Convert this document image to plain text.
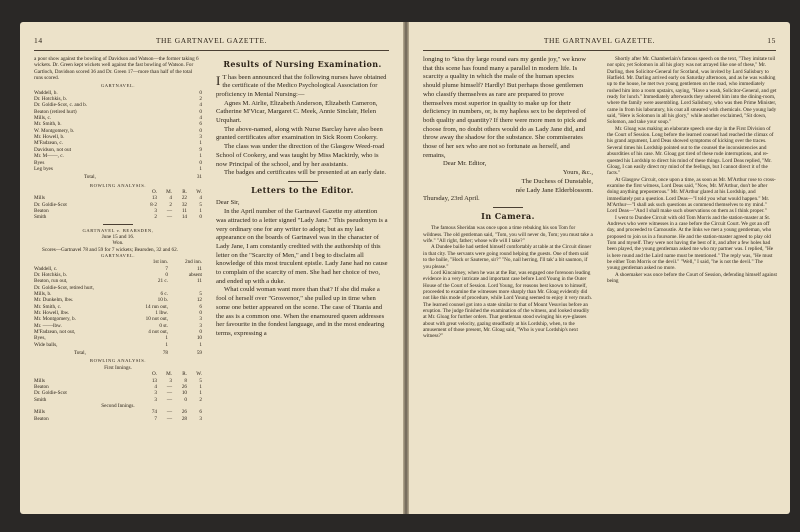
14	THE GARTNAVEL GAZETTE.

a poor show against the bowling of Davidson and Watson—the former taking 6 wickets. Dr. Green kept wickets well against the fast bowling of Watson. For Gartloch, Davidson scored 36 and Dr. Green 17—more than half of the total runs scored.

GARTNAVEL.

Waddell, b.	0
Dr. Hotchkis, b.	2
Dr. Goldie-Scot, c. and b.	4
Beaton (retired hurt)	0
Mills, c.	4
Mr. Smith, b.	6
W. Montgomery, b.	0
Mr. Howell, b.	3
M'Fadzean, c.	1
Davidson, not out	9
Mr. M——, c.	1
Byes	0
Leg byes	1
Total,	31

BOWLING ANALYSIS.

O.	M.	R.	W.
Mills	13	4	22	4
Dr. Goldie-Scot	8·2	2	32	5
Beaton	3	—	11	1
Smith	2	—	14	0

GARTNAVEL v. BEARSDEN,

June 15 and 16.

Won.

Scores—Gartnavel 78 and 59 for 7 wickets; Bearsden, 32 and 62.

GARTNAVEL.

1st inn.	2nd inn.
Waddell, c.	7	11
Dr. Hotchkis, b.	0	absent
Beaton, run out,	21 c.	11
Dr. Goldie-Scot, retired hurt,
Mills, b.	6 c.	5
Mr. Dunkelm, lbw.	10 b.	12
Mr. Smith, c.	14 run out,	6
Mr. Howell, lbw.	1 lbw.	0
Mr. Montgomery, b.	10 not out,	3
Mr. ——lbw.	0 st.	3
M'Fadzean, not out,	4 not out,	0
Byes,	1	10
Wide balls,	1	1
Total,	78	59

BOWLING ANALYSIS.

First Innings.

O.	M.	R.	W.
Mills	13	3	8	5
Beaton	4	—	26	1
Dr. Goldie-Scot	3	—	10	1
Smith	3	—	0	2

Second Innings.

Mills	74	—	26	6
Beaton	7	—	28	3
Results of Nursing Examination.

I T has been announced that the following nurses have obtained the certificate of the Medico Psychological Association for proficiency in Mental Nursing:—

Agnes M. Airlie, Elizabeth Anderson, Elizabeth Cameron, Catherine M'Vicar, Margaret C. Meek, Annie Sinclair, Helen Urquhart.

The above-named, along with Nurse Barclay have also been granted certificates after examination in Sick Room Cookery.

The class was under the direction of the Glasgow Weed-road School of Cookery, and was taught by Miss Mackirdy, who is now Principal of the school, and by her assistants.

The badges and certificates will be presented at an early date.

Letters to the Editor.

Dear Sir,

In the April number of the Gartnavel Gazette my attention was attracted to a letter signed "Lady Jane." This pseudonym is a very ordinary one for any writer to adopt; but as my last appearance on the boards of Gartnavel was in the character of Lady Jane, I am constantly credited with the authorship of this letter on the "Scarcity of Men," and I beg to disclaim all knowledge of this most truculent epistle. Lady Jane had no cause to complain of the scarcity of men. She had her choice of two, and ended up with a duke.

What could woman want more than that? If she did make a fool of herself over "Grosvenor," she pulled up in time when some one better appeared on the scene. The case of Titania and the ass is a common one. When the enamoured queen addresses her favourite in the fondest language, and in the most endearing terms, expressing a

THE GARTNAVEL GAZETTE.	15

longing to "kiss thy large round ears my gentle joy," we know that this scene has found many a parallel in modern life. Is scarcity a quality in which the male of the human species should plume himself? Hardly! But perhaps those gentlemen who classify themselves as rare are prepared to prove themselves most superior in quality to make up for their deficiency in numbers, or, is my hapless sex to be deprived of both quality and quantity? If there were more men to pick and choose from, no doubt others would do as Lady Jane did, and throw away the shadow for the substance. She commiserates those of her sex who are not so fortunate as herself, and remains,

Dear Mr. Editor,

Yours, &c.,

The Duchess of Dunstable,

née Lady Jane Elderblossom.

Thursday, 23rd April.

In Camera.

The famous Sheridan was once upon a time rebuking his son Tom for wildness. The old gentleman said, "Tom, you will never do, Tom; you must take a wife." "All right, father; whose wife will I take?"

A Dundee bailie had settled himself comfortably at table at the Circuit dinner in that city. The servants were going round helping the guests. One of them said to the bailie, "Hock or Sauterne, sir?" "No, nail herring, I'll tak' a bit saumon, if you please."

Lord Kincairney, when he was at the Bar, was engaged one forenoon leading evidence in a very intricate and important case before Lord Young in the Outer House of the Court of Session. Lord Young, for reasons best known to himself, proceeded to examine the witnesses more sharply than Mr. Gloag evidently did not like this mode of procedure, while Lord Young seemed to enjoy it very much. The learned counsel got into a state similar to that of Mount Vesuvius before an eruption. The judge finished the examination of the witness, and looked steadily at Mr. Gloag for further orders. That gentleman stood swinging his eye-glasses about with great velocity, gazing steadfastly at his Lordship, when, to the amusement of those present, Mr. Gloag said, "Who is your Lordship's next witness?"

Shortly after Mr. Chamberlain's famous speech on the text, "They imitate toil nor spin; yet Solomon in all his glory was not arrayed like one of these," Mr. Darling, then Solicitor-General for Scotland, was invited by Lord Salisbury to Hatfield. Mr. Darling arrived early on Saturday afternoon, and as he was walking up to the house, he met two young gentlemen on the road, who immediately rushed him into a room upstairs, saying, "Have a wash, Solicitor-General, and get ready for lunch." Immediately afterwards they ushered him into the dining-room, where the family were assembling. Lord Salisbury, who was then Prime Minister, came in from his laboratory, his coat all smeared with chemicals. One young lady said, "Here is Solomon in all his glory," while another exclaimed, "Sit down, Solomon, and take your soup."

Mr. Gloag was making an elaborate speech one day in the First Division of the Court of Session. Long before the learned counsel had reached the climax of his grand argument, Lord Deas showed symptoms of kicking over the traces. Several times his Lordship pointed out to the counsel the inconsistencies and absurdities of his case. Mr. Gloag got tired of these rude interruptions, and re-quested his Lordship to direct his mind of these things. Lord Deas replied, "Mr. Gloag, I can easily direct my mind of the feelings, but I cannot direct it of the facts."

At Glasgow Circuit, once upon a time, as soon as Mr. M'Arthur rose to cross-examine the first witness, Lord Deas said, "Now, Mr. M'Arthur, don't be after doing anything preposterous." Mr. M'Arthur glared at his Lordship, and immediately put a question. Lord Deas—"I told you what would happen." Mr. M'Arthur—"I shall ask such questions as commend themselves to my mind." Lord Deas—"And I shall make such observations on them as I think proper."

I went to Dundee Circuit with old Tom Morris and the station-master at St. Andrews who were witnesses in a case before the Circuit Court. We got an off day, and proceeded to Carnoustie. At the links we met a young gentleman, who proposed to join us in a foursome. He and the station-master agreed to play old Tom and myself. They were not having the best of it, and after a few holes had been played, the young gentleman asked me who my partner was. I replied, "He is here round and the Laird name must be mentioned." The reply was, "He must be either Tom Morris or the devil." "Well," I said, "he is not the devil." The young gentleman asked no more.

A shoemaker was once before the Court of Session, defending himself against being
